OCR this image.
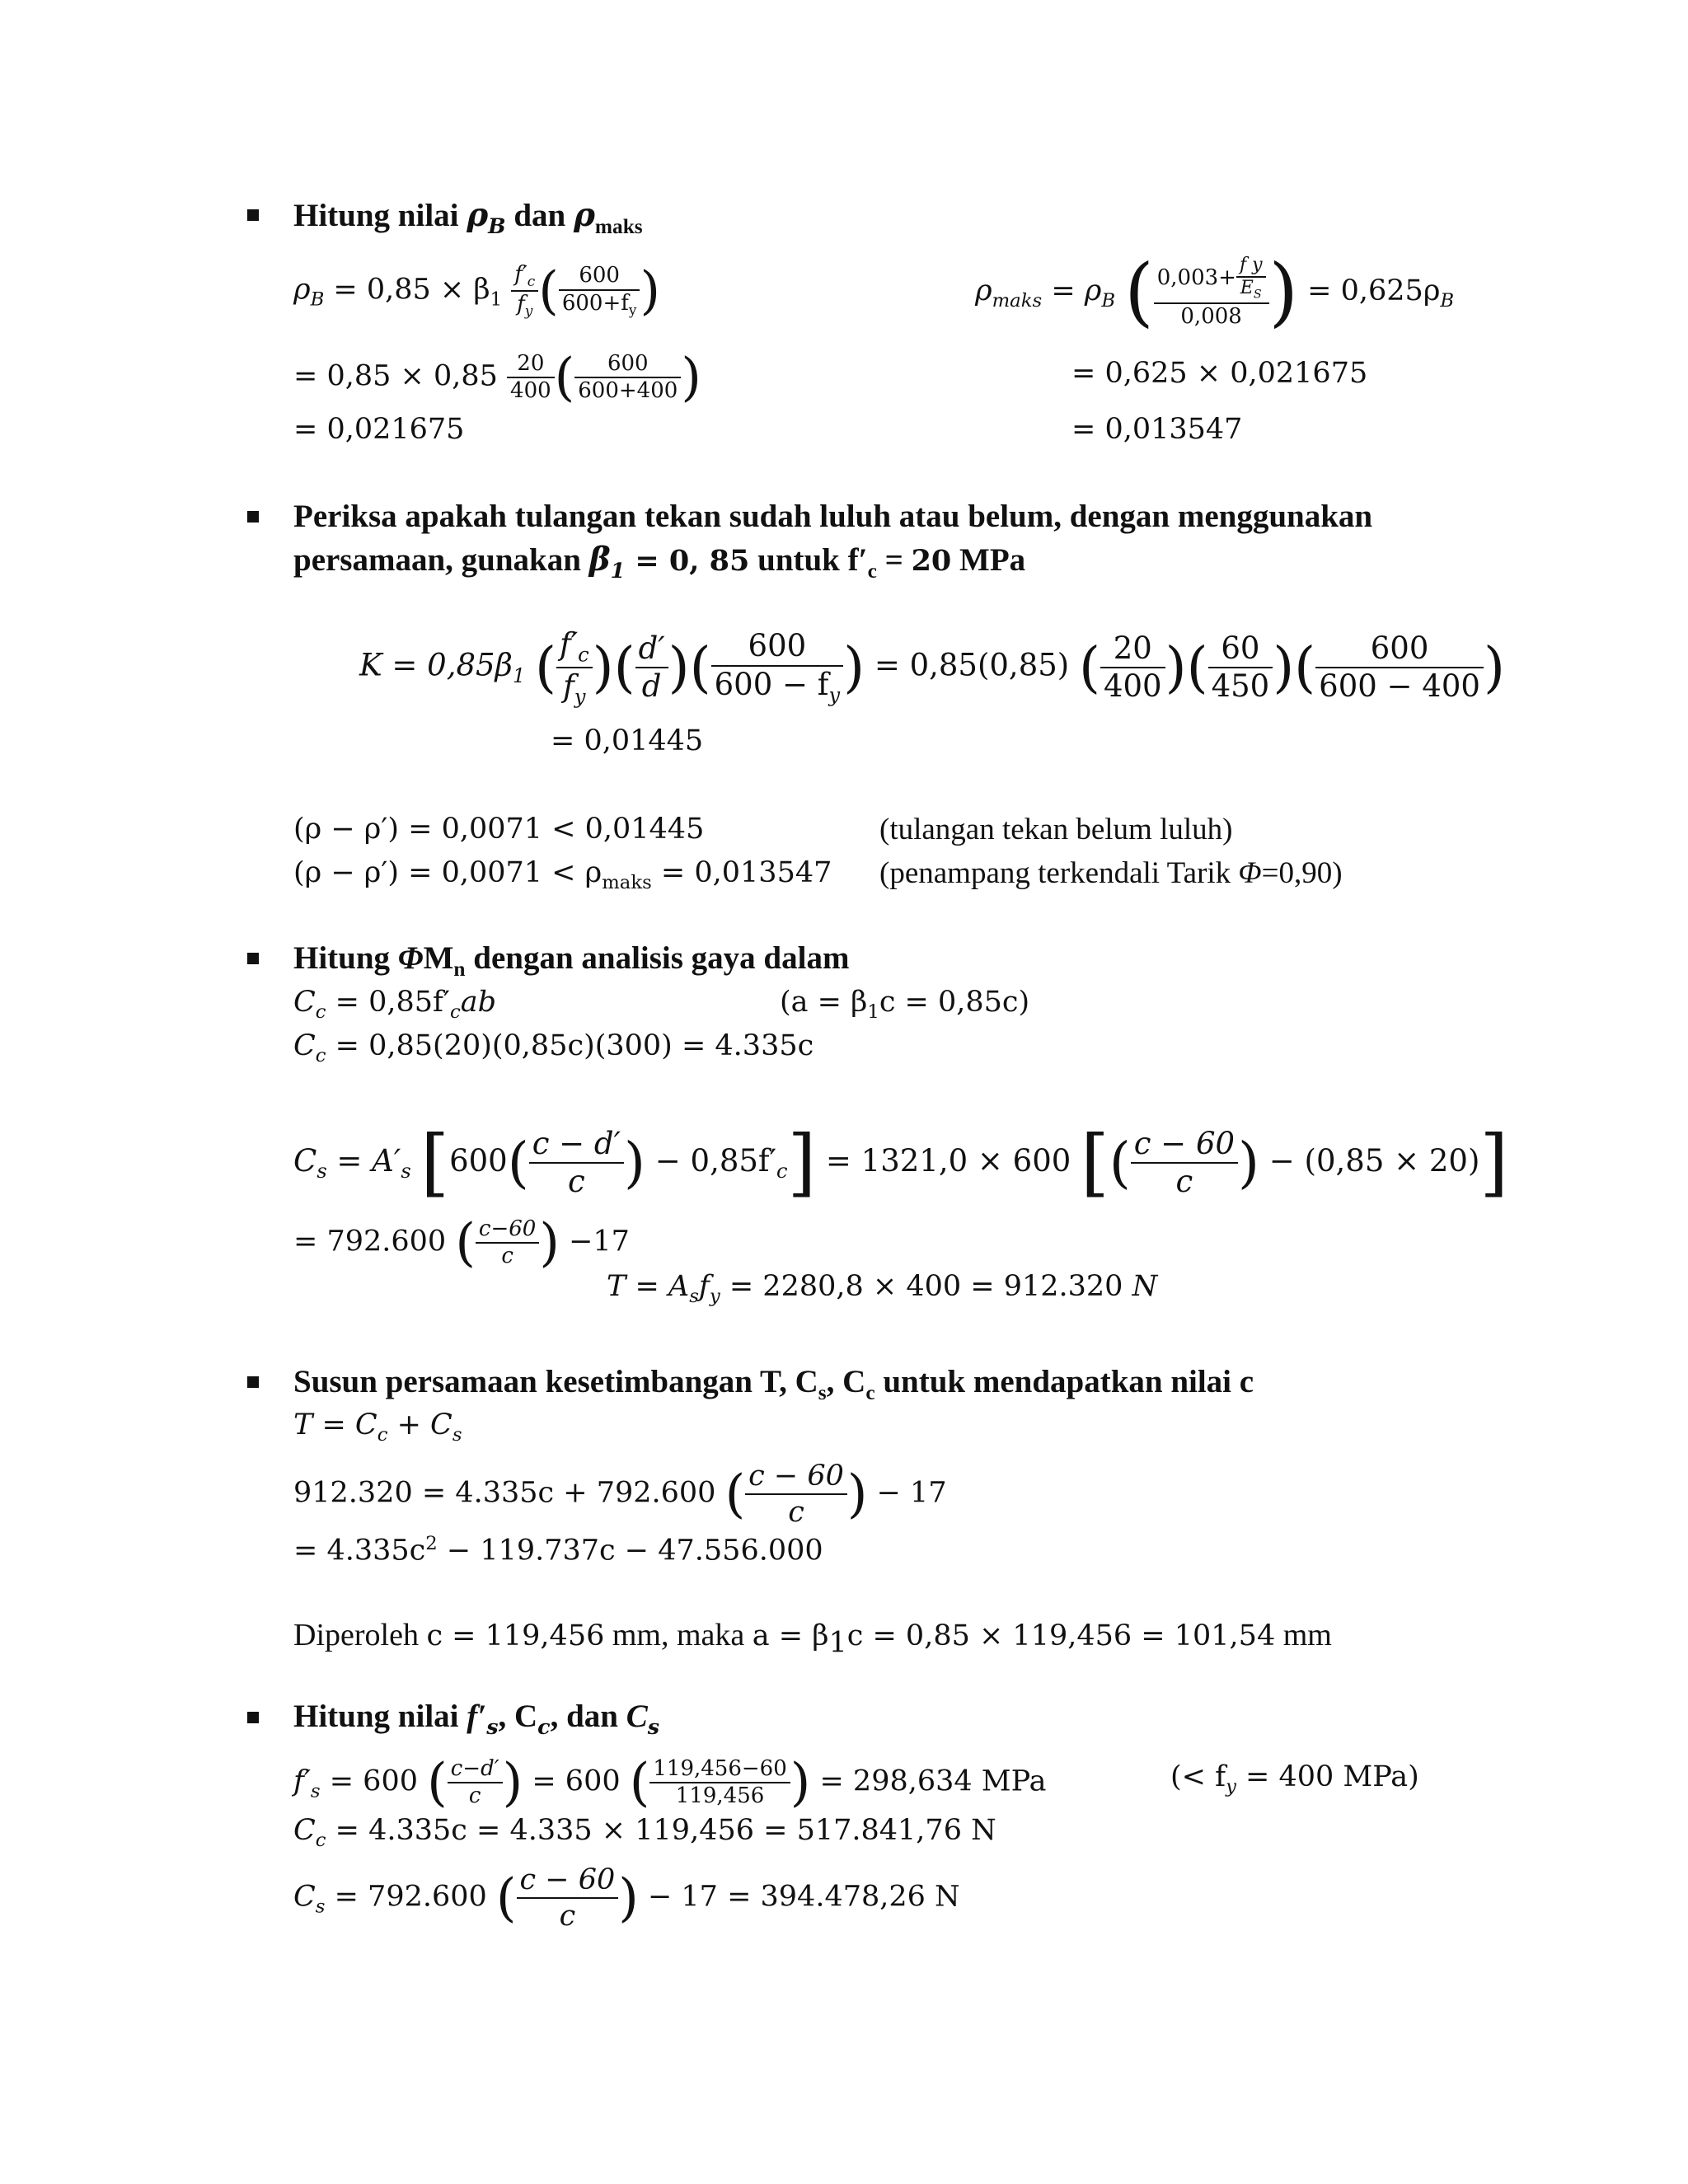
Hitung nilai $\rho_B$ dan $\rho_{maks}$
$\rho_B = 0,85 \times \beta_1 \frac{f'_c}{f_y}$ ( $\frac{600}{600+f_y}$ )
= $0,85 \times 0,85 \frac{20}{400}$ ( $\frac{600}{600+400}$ )
= 0,021675
$\rho_{maks} = \rho_B$ ( $\frac{0,003+ \frac{\text{f y}}{E_S}}{0,008}$ ) = $0,625\rho_B$
= 0,625 × 0,021675
= 0,013547
Periksa apakah tulangan tekan sudah luluh atau belum, dengan menggunakan
persamaan, gunakan $\beta_1 = 0$, 85 untuk $f'_c = 20$ MPa
$K = 0,85\beta_1$ ( $\frac{f'_c}{f_y}$ )( $\frac{d'}{d}$ )( $\frac{600}{600 - f_y}$ ) = 0,85(0,85) ( $\frac{20}{400}$ )( $\frac{60}{450}$ )( $\frac{600}{600 - 400}$ )
= 0,01445
(ρ − ρ′) = 0,0071 < 0,01445	(tulangan tekan belum luluh)
$(\rho - \rho') = 0,0071 < \rho_{maks} = 0,013547$ (penampang terkendali Tarik Φ=0,90)
Hitung $\Phi M_n$ dengan analisis gaya dalam
$C_c = 0,85f'_cab$	$(a = \beta_1c = 0,85c)$
$C_c = 0,85(20)(0,85c)(300) = 4.335c$
$C_s = A'_s$ [$600( \frac{c - d'}{c}$ ) − $0,85f'_c] = 1321,0 \times 600$ [( $\frac{c - 60}{c}$ ) − (0,85 × 20)]
= 792.600 ( $\frac{c-60}{c}$ ) −17
$T = A_sf_y = 2280,8 \times 400 = 912.320$ N
Susun persamaan kesetimbangan T, $C_s$, $C_c$ untuk mendapatkan nilai c
$T = C_c + C_s$
912.320 = 4.335c + 792.600 ( $\frac{c - 60}{c}$ ) − 17
= $4.335c^2 - 119.737c - 47.556.000$
Diperoleh c = 119,456 mm, maka $a = \beta_1c = 0,85 \times 119,456 = 101,54$ mm
Hitung nilai $f'_s$, $C_c$, dan $C_s$
$f'_s = 600$ ( $\frac{c-d'}{c}$ ) = 600 ( $\frac{119,456-60}{119,456}$ ) = 298,634 MPa	(< $f_y = 400$ MPa)
$C_c = 4.335c = 4.335 \times 119,456 = 517.841,76$ N
$C_s = 792.600$ ( $\frac{c - 60}{c}$ ) − 17 = 394.478,26 N
